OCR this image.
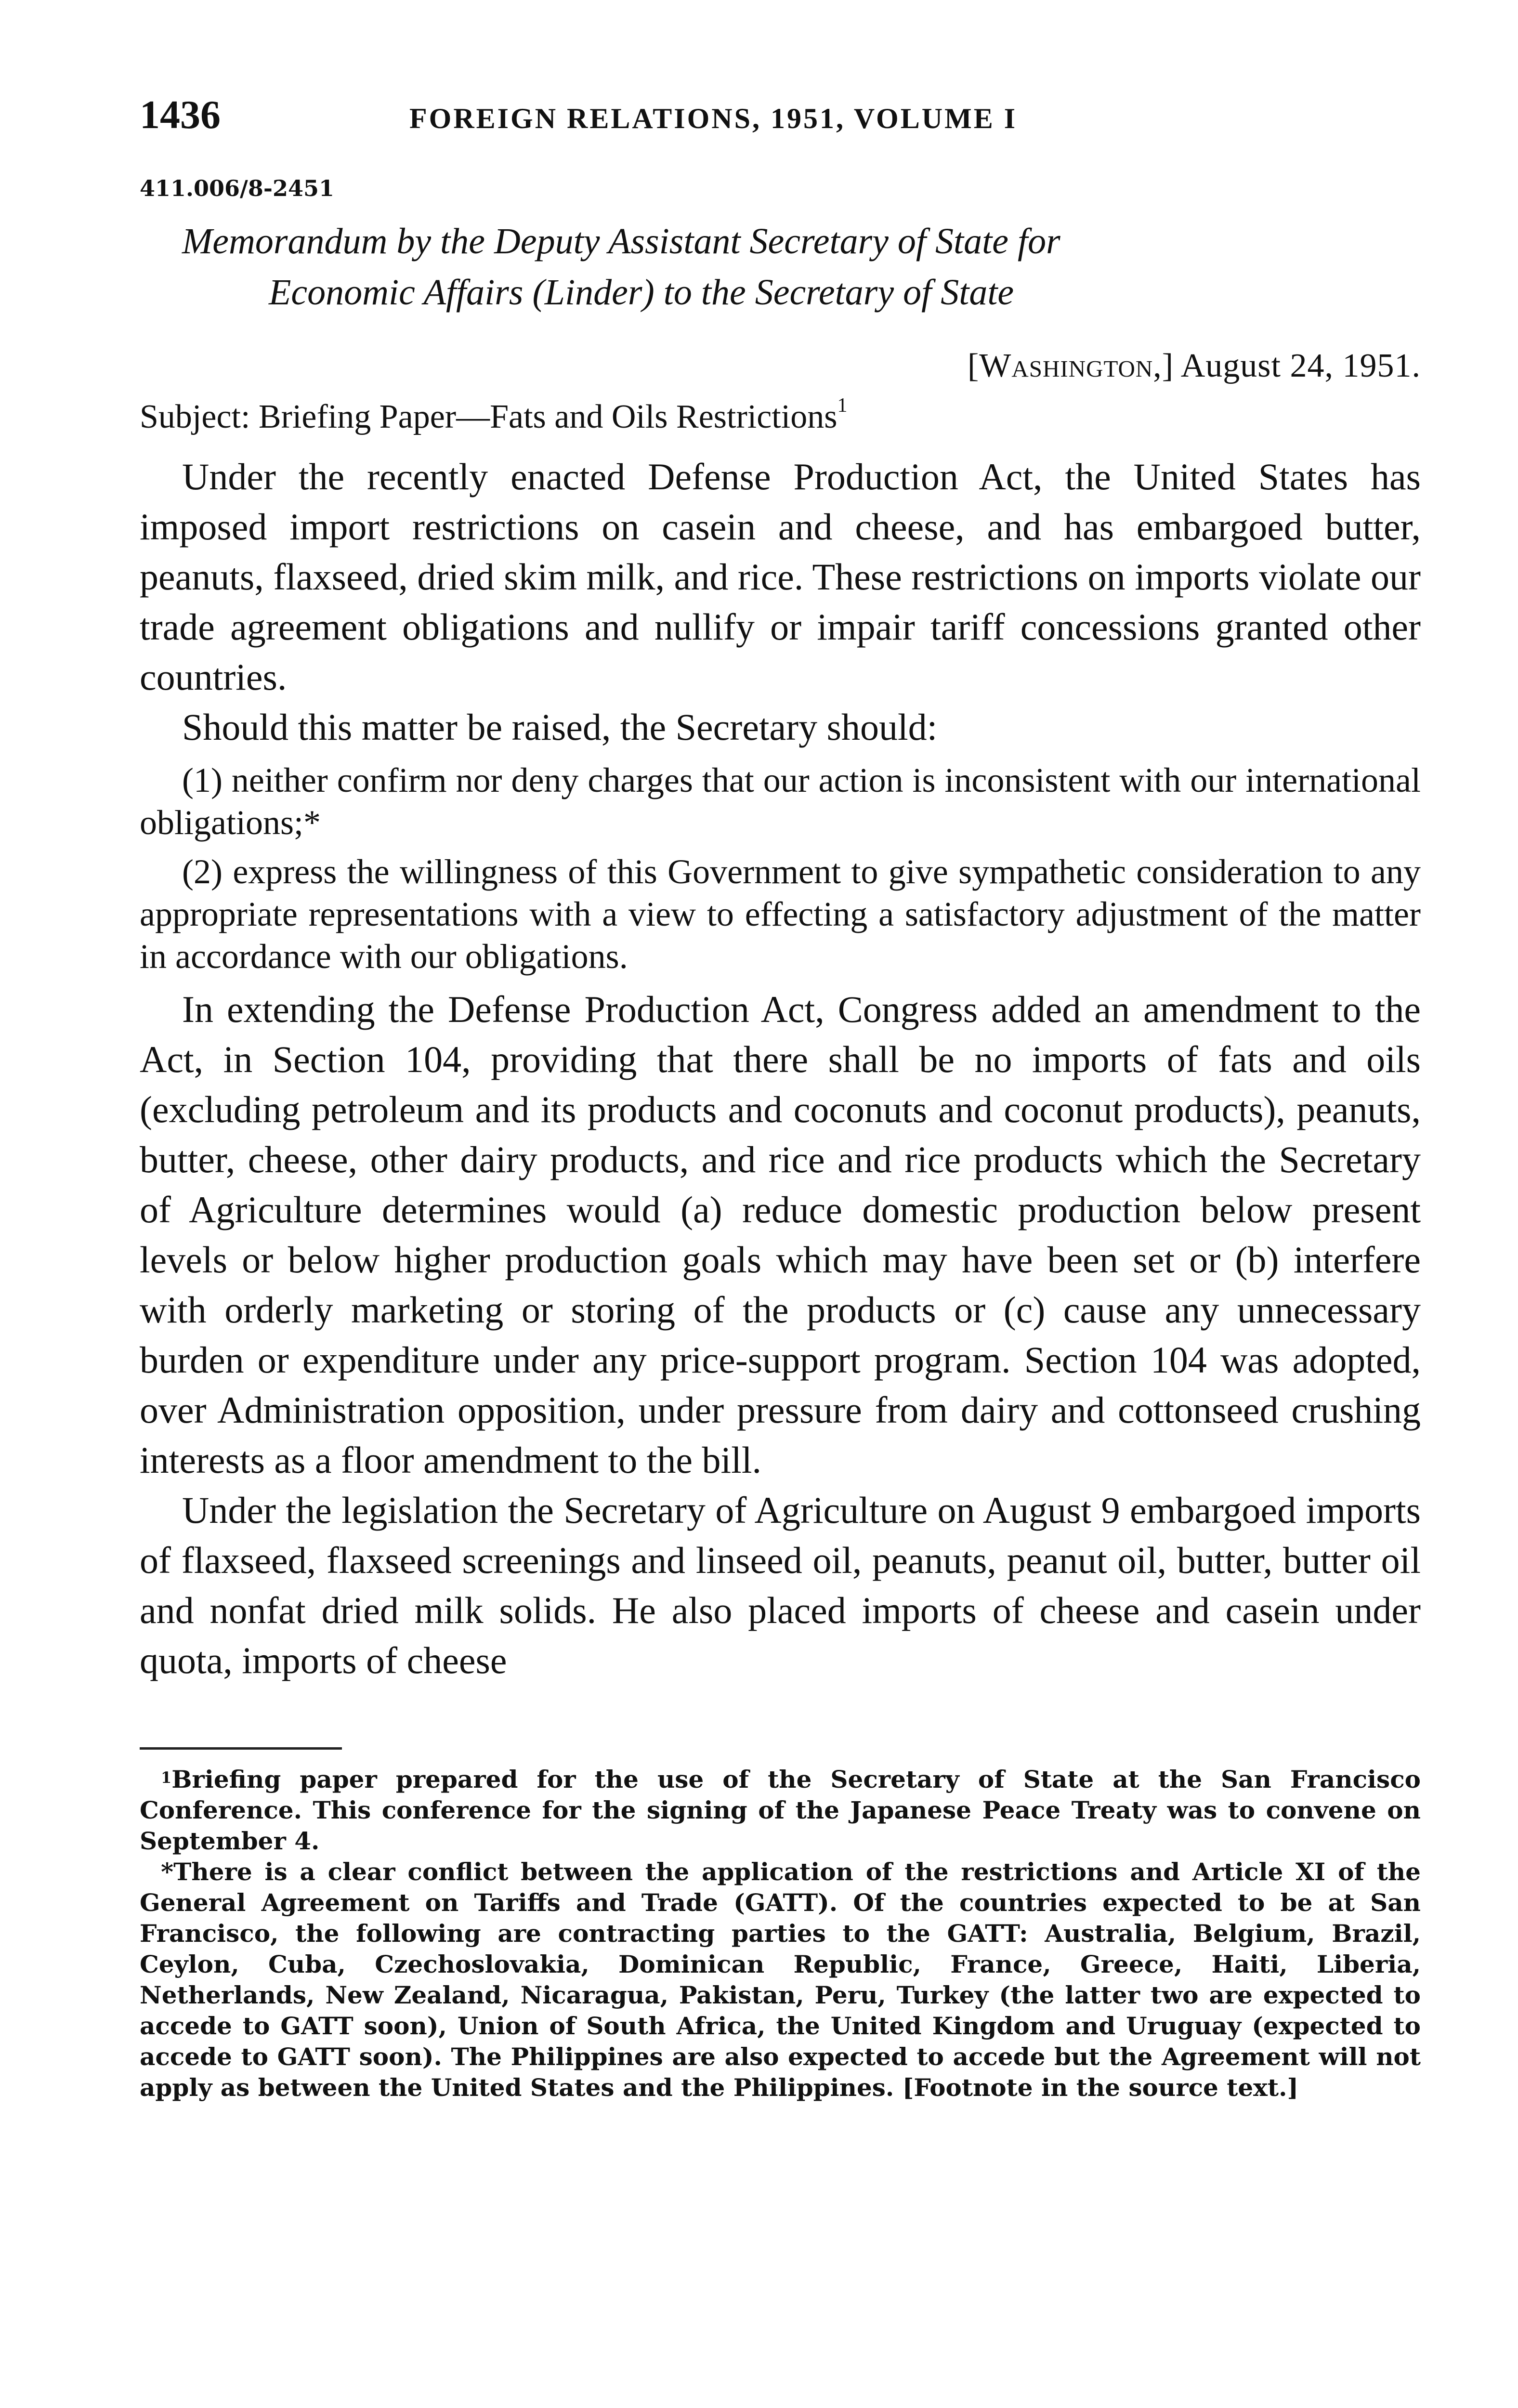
1436	FOREIGN RELATIONS, 1951, VOLUME I
411.006/8-2451
Memorandum by the Deputy Assistant Secretary of State for
Economic Affairs (Linder) to the Secretary of State
[Washington,] August 24, 1951.
Subject: Briefing Paper—Fats and Oils Restrictions$^1$

Under the recently enacted Defense Production Act, the United States has imposed import restrictions on casein and cheese, and has embargoed butter, peanuts, flaxseed, dried skim milk, and rice. These restrictions on imports violate our trade agreement obligations and nullify or impair tariff concessions granted other countries.

Should this matter be raised, the Secretary should:

(1) neither confirm nor deny charges that our action is inconsistent with our international obligations;*

(2) express the willingness of this Government to give sympathetic consideration to any appropriate representations with a view to effecting a satisfactory adjustment of the matter in accordance with our obligations.

In extending the Defense Production Act, Congress added an amendment to the Act, in Section 104, providing that there shall be no imports of fats and oils (excluding petroleum and its products and coconuts and coconut products), peanuts, butter, cheese, other dairy products, and rice and rice products which the Secretary of Agriculture determines would (a) reduce domestic production below present levels or below higher production goals which may have been set or (b) interfere with orderly marketing or storing of the products or (c) cause any unnecessary burden or expenditure under any price-support program. Section 104 was adopted, over Administration opposition, under pressure from dairy and cottonseed crushing interests as a floor amendment to the bill.

Under the legislation the Secretary of Agriculture on August 9 embargoed imports of flaxseed, flaxseed screenings and linseed oil, peanuts, peanut oil, butter, butter oil and nonfat dried milk solids. He also placed imports of cheese and casein under quota, imports of cheese

$^1$Briefing paper prepared for the use of the Secretary of State at the San Francisco Conference. This conference for the signing of the Japanese Peace Treaty was to convene on September 4.

*There is a clear conflict between the application of the restrictions and Article XI of the General Agreement on Tariffs and Trade (GATT). Of the countries expected to be at San Francisco, the following are contracting parties to the GATT: Australia, Belgium, Brazil, Ceylon, Cuba, Czechoslovakia, Dominican Republic, France, Greece, Haiti, Liberia, Netherlands, New Zealand, Nicaragua, Pakistan, Peru, Turkey (the latter two are expected to accede to GATT soon), Union of South Africa, the United Kingdom and Uruguay (expected to accede to GATT soon). The Philippines are also expected to accede but the Agreement will not apply as between the United States and the Philippines. [Footnote in the source text.]
